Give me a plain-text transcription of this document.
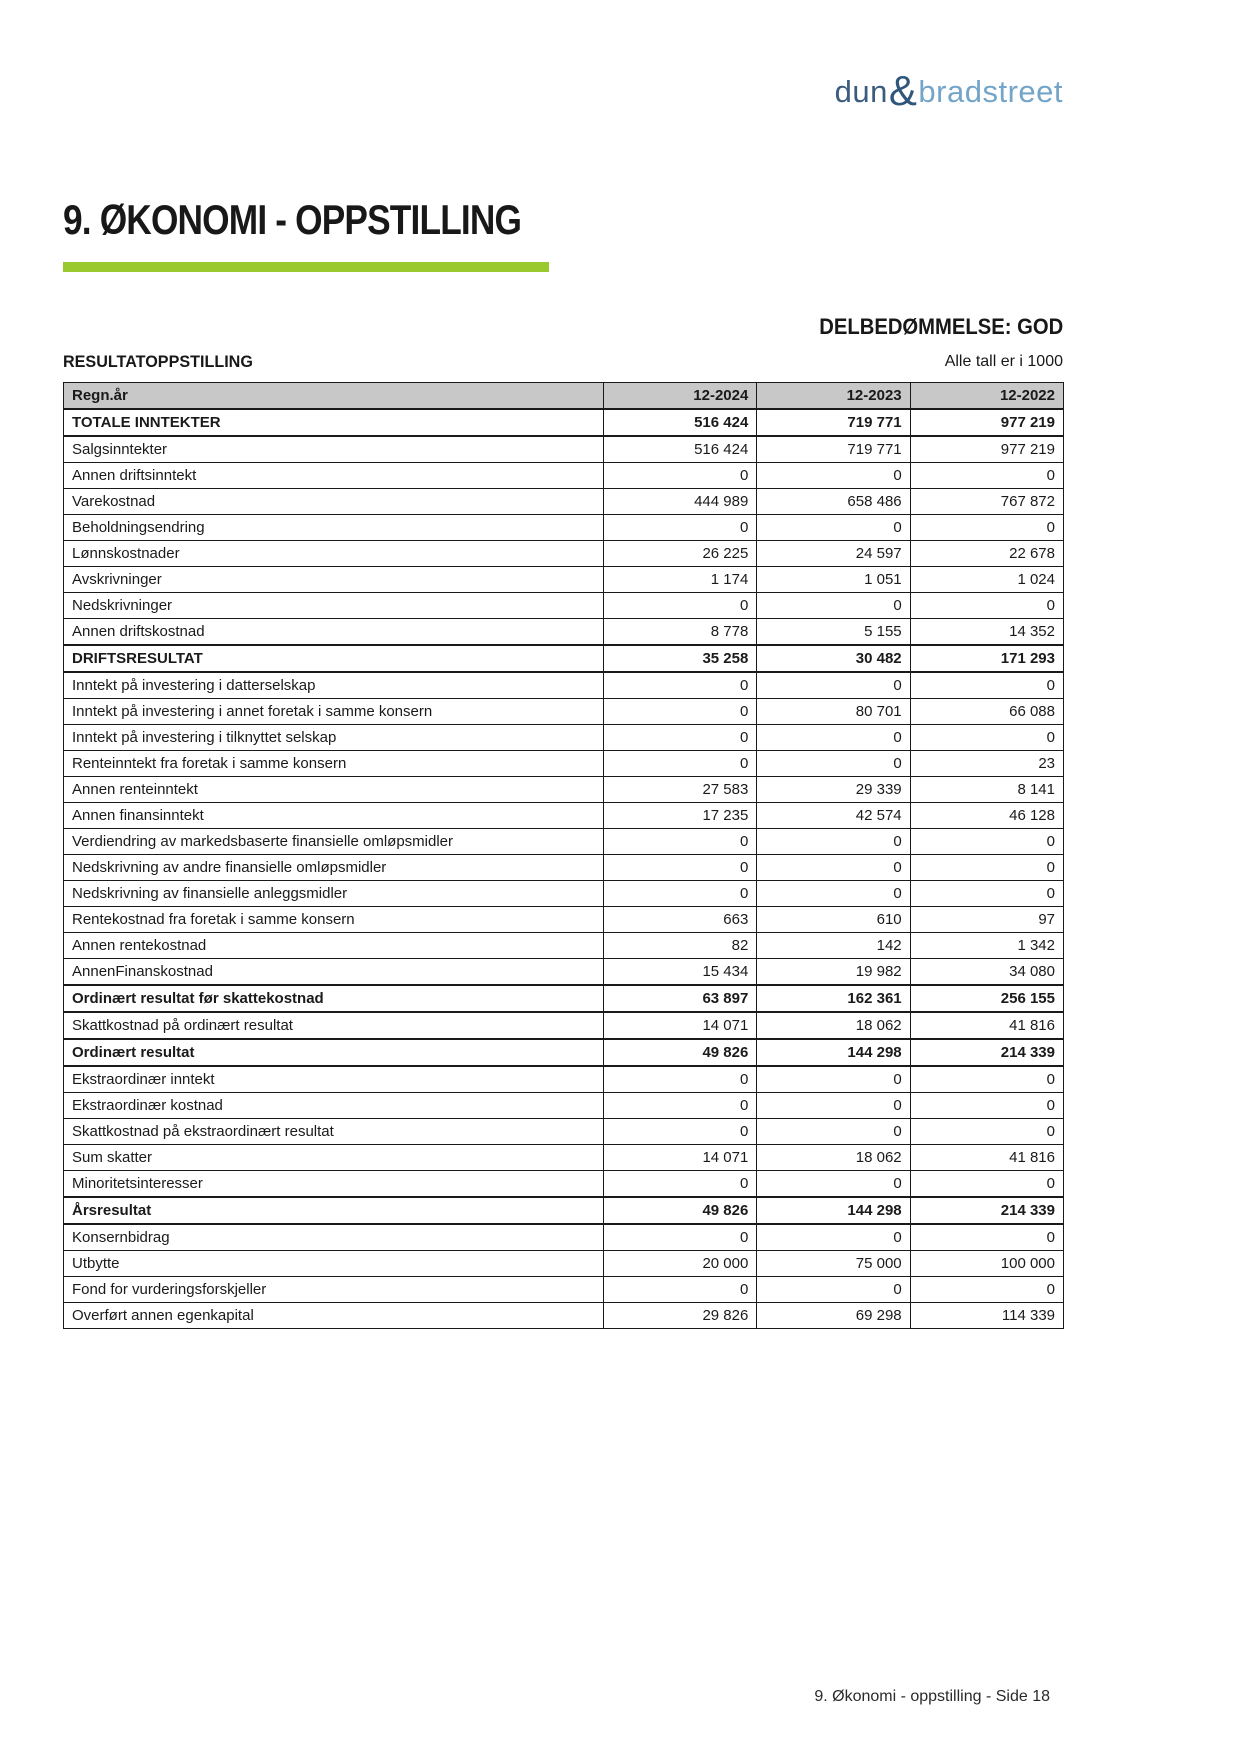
dun & bradstreet
9. ØKONOMI - OPPSTILLING
DELBEDØMMELSE: GOD
RESULTATOPPSTILLING	Alle tall er i 1000
Regn.år	12-2024	12-2023	12-2022
TOTALE INNTEKTER	516 424	719 771	977 219
Salgsinntekter	516 424	719 771	977 219
Annen driftsinntekt	0	0	0
Varekostnad	444 989	658 486	767 872
Beholdningsendring	0	0	0
Lønnskostnader	26 225	24 597	22 678
Avskrivninger	1 174	1 051	1 024
Nedskrivninger	0	0	0
Annen driftskostnad	8 778	5 155	14 352
DRIFTSRESULTAT	35 258	30 482	171 293
Inntekt på investering i datterselskap	0	0	0
Inntekt på investering i annet foretak i samme konsern	0	80 701	66 088
Inntekt på investering i tilknyttet selskap	0	0	0
Renteinntekt fra foretak i samme konsern	0	0	23
Annen renteinntekt	27 583	29 339	8 141
Annen finansinntekt	17 235	42 574	46 128
Verdiendring av markedsbaserte finansielle omløpsmidler	0	0	0
Nedskrivning av andre finansielle omløpsmidler	0	0	0
Nedskrivning av finansielle anleggsmidler	0	0	0
Rentekostnad fra foretak i samme konsern	663	610	97
Annen rentekostnad	82	142	1 342
AnnenFinanskostnad	15 434	19 982	34 080
Ordinært resultat før skattekostnad	63 897	162 361	256 155
Skattkostnad på ordinært resultat	14 071	18 062	41 816
Ordinært resultat	49 826	144 298	214 339
Ekstraordinær inntekt	0	0	0
Ekstraordinær kostnad	0	0	0
Skattkostnad på ekstraordinært resultat	0	0	0
Sum skatter	14 071	18 062	41 816
Minoritetsinteresser	0	0	0
Årsresultat	49 826	144 298	214 339
Konsernbidrag	0	0	0
Utbytte	20 000	75 000	100 000
Fond for vurderingsforskjeller	0	0	0
Overført annen egenkapital	29 826	69 298	114 339
9. Økonomi - oppstilling - Side 18
